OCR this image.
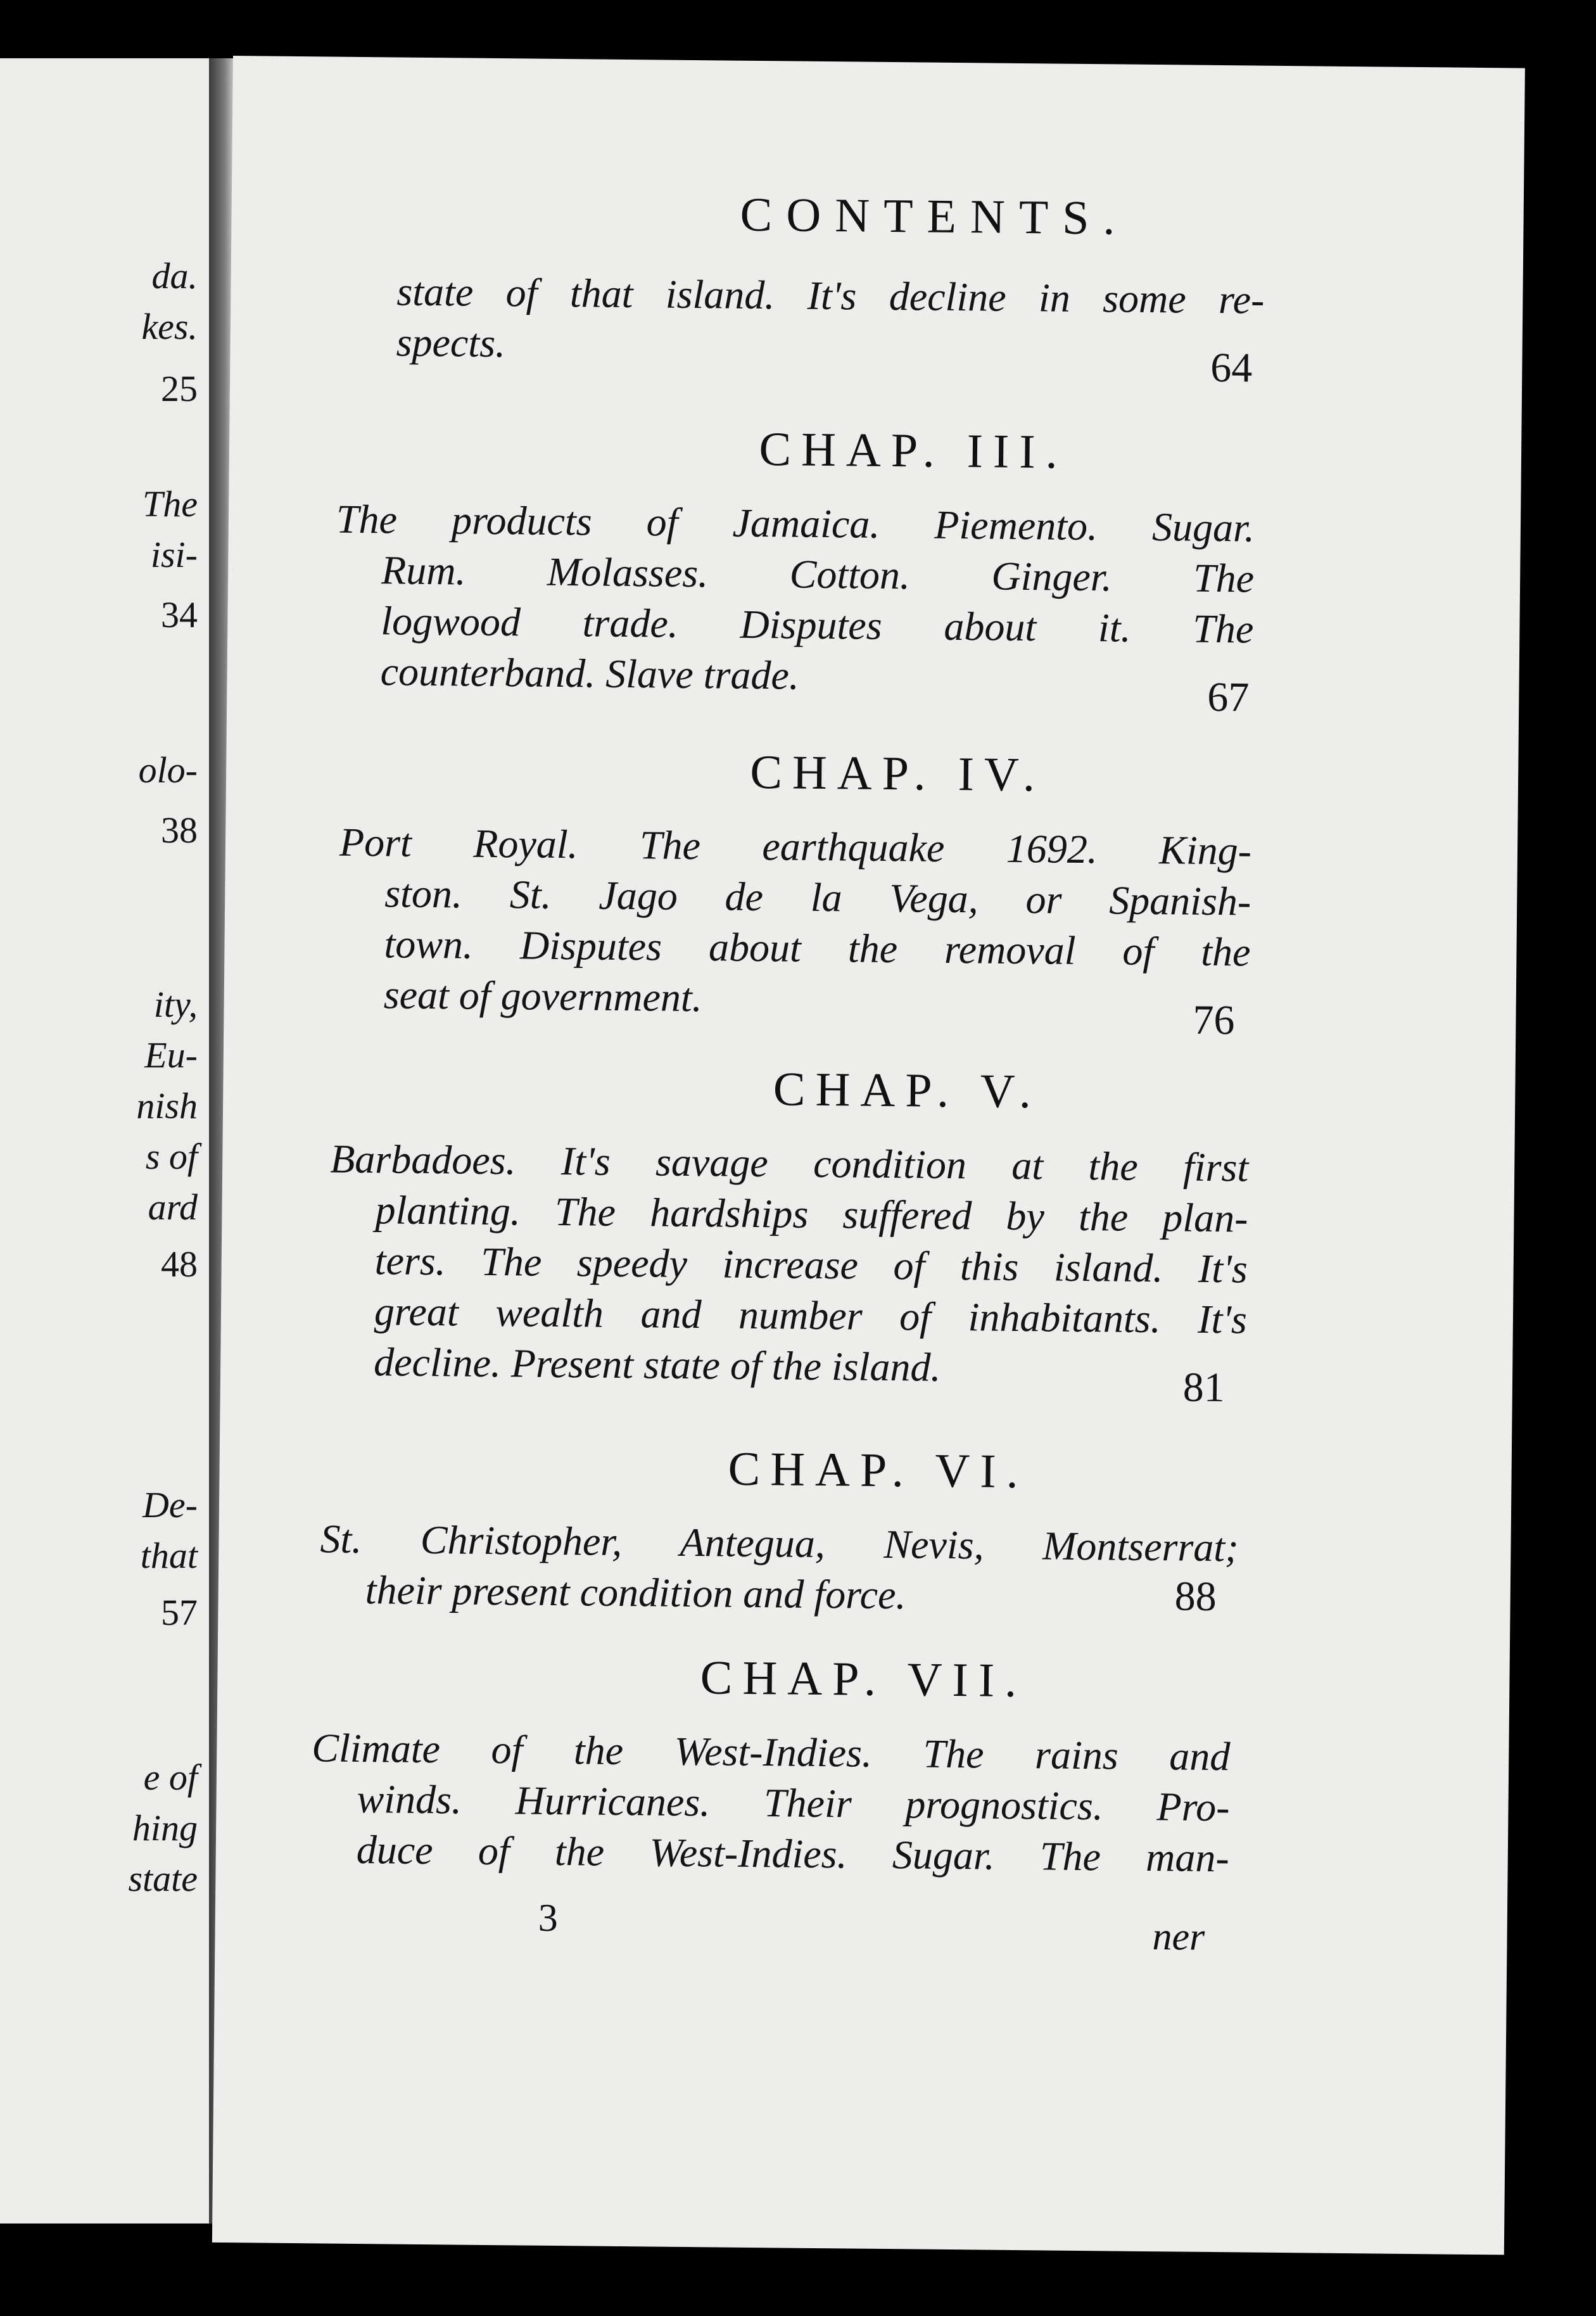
da.
kes.
25
The
isi-
34
olo-
38
ity,
Eu-
nish
s of
ard
48
De-
that
57
e of
hing
state
CONTENTS.
state of that island. It's decline in some re-
spects.
64
CHAP. III.
The products of Jamaica. Piemento. Sugar.
Rum. Molasses. Cotton. Ginger. The
logwood trade. Disputes about it. The
counterband. Slave trade.	67
CHAP. IV.
Port Royal. The earthquake 1692. King-
ston. St. Jago de la Vega, or Spanish-
town. Disputes about the removal of the
seat of government.
76
CHAP. V.
Barbadoes. It's savage condition at the first
planting. The hardships suffered by the plan-
ters. The speedy increase of this island. It's
great wealth and number of inhabitants. It's
decline. Present state of the island.	81
CHAP. VI.
St. Christopher, Antegua, Nevis, Montserrat;
their present condition and force.	88
CHAP. VII.
Climate of the West-Indies. The rains and
winds. Hurricanes. Their prognostics. Pro-
duce of the West-Indies. Sugar. The man-
3	ner
